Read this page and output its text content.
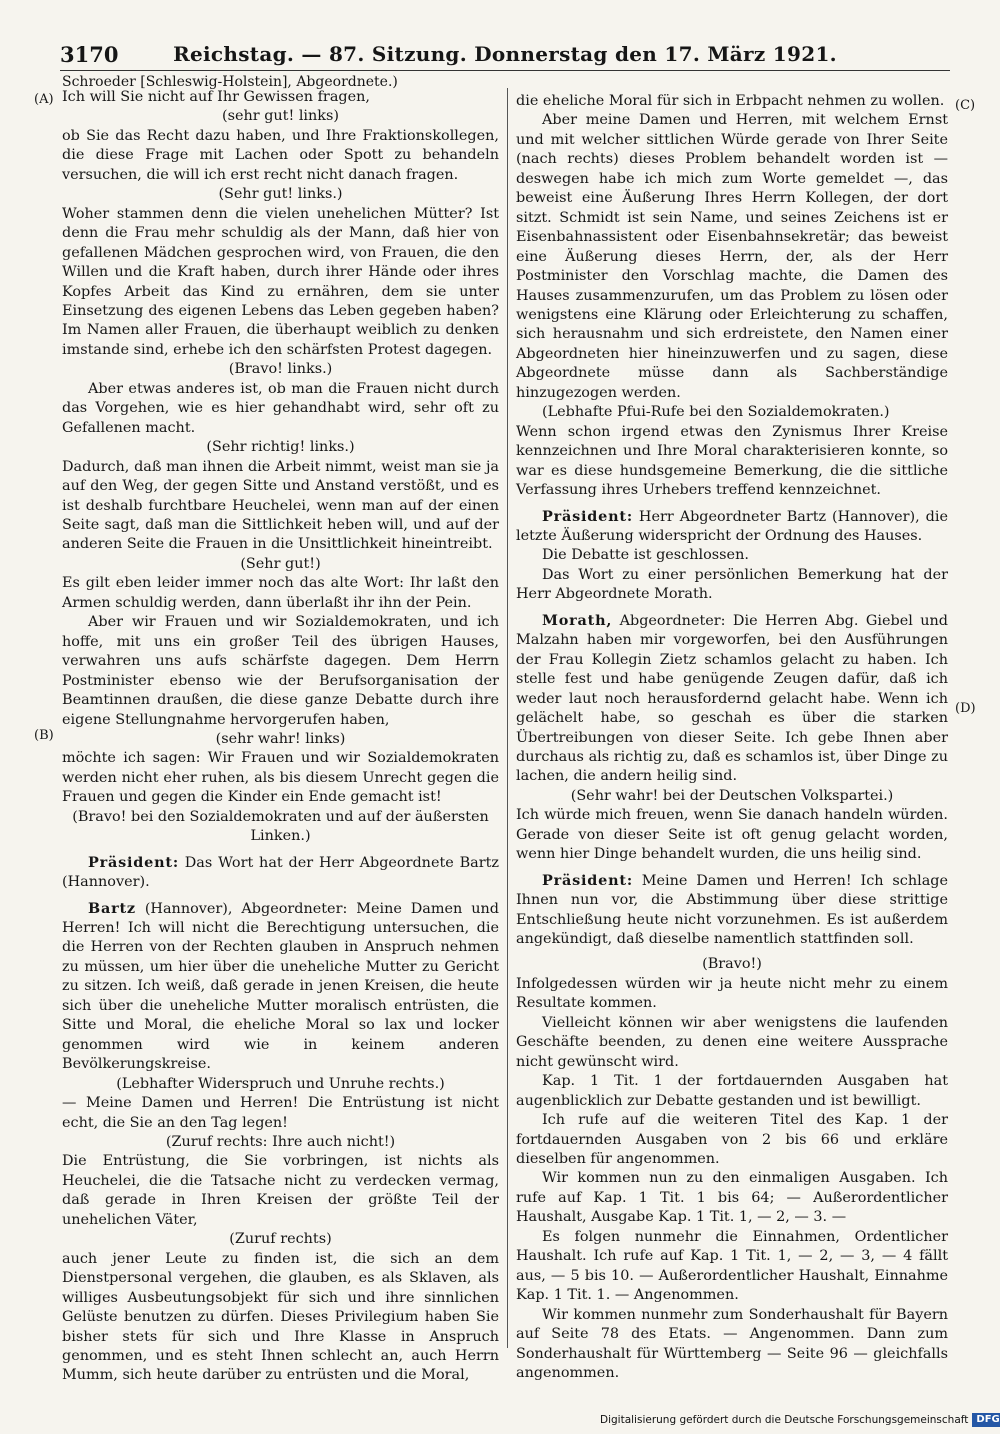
3170	Reichstag. — 87. Sitzung. Donnerstag den 17. März 1921.
Schroeder [Schleswig-Holstein], Abgeordnete.)
(A)
(B)
(C)
(D)

Ich will Sie nicht auf Ihr Gewissen fragen,

(sehr gut! links)

ob Sie das Recht dazu haben, und Ihre Fraktionskollegen, die diese Frage mit Lachen oder Spott zu behandeln versuchen, die will ich erst recht nicht danach fragen.

(Sehr gut! links.)

Woher stammen denn die vielen unehelichen Mütter? Ist denn die Frau mehr schuldig als der Mann, daß hier von gefallenen Mädchen gesprochen wird, von Frauen, die den Willen und die Kraft haben, durch ihrer Hände oder ihres Kopfes Arbeit das Kind zu ernähren, dem sie unter Einsetzung des eigenen Lebens das Leben gegeben haben? Im Namen aller Frauen, die überhaupt weiblich zu denken imstande sind, erhebe ich den schärfsten Protest dagegen.

(Bravo! links.)

Aber etwas anderes ist, ob man die Frauen nicht durch das Vorgehen, wie es hier gehandhabt wird, sehr oft zu Gefallenen macht.

(Sehr richtig! links.)

Dadurch, daß man ihnen die Arbeit nimmt, weist man sie ja auf den Weg, der gegen Sitte und Anstand verstößt, und es ist deshalb furchtbare Heuchelei, wenn man auf der einen Seite sagt, daß man die Sittlichkeit heben will, und auf der anderen Seite die Frauen in die Unsittlichkeit hineintreibt.

(Sehr gut!)

Es gilt eben leider immer noch das alte Wort: Ihr laßt den Armen schuldig werden, dann überlaßt ihr ihn der Pein.

Aber wir Frauen und wir Sozialdemokraten, und ich hoffe, mit uns ein großer Teil des übrigen Hauses, verwahren uns aufs schärfste dagegen. Dem Herrn Postminister ebenso wie der Berufsorganisation der Beamtinnen draußen, die diese ganze Debatte durch ihre eigene Stellungnahme hervorgerufen haben,

(sehr wahr! links)

möchte ich sagen: Wir Frauen und wir Sozialdemokraten werden nicht eher ruhen, als bis diesem Unrecht gegen die Frauen und gegen die Kinder ein Ende gemacht ist!

(Bravo! bei den Sozialdemokraten und auf der äußersten Linken.)

Präsident: Das Wort hat der Herr Abgeordnete Bartz (Hannover).

Bartz (Hannover), Abgeordneter: Meine Damen und Herren! Ich will nicht die Berechtigung untersuchen, die die Herren von der Rechten glauben in Anspruch nehmen zu müssen, um hier über die uneheliche Mutter zu Gericht zu sitzen. Ich weiß, daß gerade in jenen Kreisen, die heute sich über die uneheliche Mutter moralisch entrüsten, die Sitte und Moral, die eheliche Moral so lax und locker genommen wird wie in keinem anderen Bevölkerungskreise.

(Lebhafter Widerspruch und Unruhe rechts.)

— Meine Damen und Herren! Die Entrüstung ist nicht echt, die Sie an den Tag legen!

(Zuruf rechts: Ihre auch nicht!)

Die Entrüstung, die Sie vorbringen, ist nichts als Heuchelei, die die Tatsache nicht zu verdecken vermag, daß gerade in Ihren Kreisen der größte Teil der unehelichen Väter,

(Zuruf rechts)

auch jener Leute zu finden ist, die sich an dem Dienstpersonal vergehen, die glauben, es als Sklaven, als williges Ausbeutungsobjekt für sich und ihre sinnlichen Gelüste benutzen zu dürfen. Dieses Privilegium haben Sie bisher stets für sich und Ihre Klasse in Anspruch genommen, und es steht Ihnen schlecht an, auch Herrn Mumm, sich heute darüber zu entrüsten und die Moral,

die eheliche Moral für sich in Erbpacht nehmen zu wollen.

Aber meine Damen und Herren, mit welchem Ernst und mit welcher sittlichen Würde gerade von Ihrer Seite (nach rechts) dieses Problem behandelt worden ist — deswegen habe ich mich zum Worte gemeldet —, das beweist eine Äußerung Ihres Herrn Kollegen, der dort sitzt. Schmidt ist sein Name, und seines Zeichens ist er Eisenbahnassistent oder Eisenbahnsekretär; das beweist eine Äußerung dieses Herrn, der, als der Herr Postminister den Vorschlag machte, die Damen des Hauses zusammenzurufen, um das Problem zu lösen oder wenigstens eine Klärung oder Erleichterung zu schaffen, sich herausnahm und sich erdreistete, den Namen einer Abgeordneten hier hineinzuwerfen und zu sagen, diese Abgeordnete müsse dann als Sachberständige hinzugezogen werden.

(Lebhafte Pfui-Rufe bei den Sozialdemokraten.)

Wenn schon irgend etwas den Zynismus Ihrer Kreise kennzeichnen und Ihre Moral charakterisieren konnte, so war es diese hundsgemeine Bemerkung, die die sittliche Verfassung ihres Urhebers treffend kennzeichnet.

Präsident: Herr Abgeordneter Bartz (Hannover), die letzte Äußerung widerspricht der Ordnung des Hauses.

Die Debatte ist geschlossen.

Das Wort zu einer persönlichen Bemerkung hat der Herr Abgeordnete Morath.

Morath, Abgeordneter: Die Herren Abg. Giebel und Malzahn haben mir vorgeworfen, bei den Ausführungen der Frau Kollegin Zietz schamlos gelacht zu haben. Ich stelle fest und habe genügende Zeugen dafür, daß ich weder laut noch herausfordernd gelacht habe. Wenn ich gelächelt habe, so geschah es über die starken Übertreibungen von dieser Seite. Ich gebe Ihnen aber durchaus als richtig zu, daß es schamlos ist, über Dinge zu lachen, die andern heilig sind.

(Sehr wahr! bei der Deutschen Volkspartei.)

Ich würde mich freuen, wenn Sie danach handeln würden. Gerade von dieser Seite ist oft genug gelacht worden, wenn hier Dinge behandelt wurden, die uns heilig sind.

Präsident: Meine Damen und Herren! Ich schlage Ihnen nun vor, die Abstimmung über diese strittige Entschließung heute nicht vorzunehmen. Es ist außerdem angekündigt, daß dieselbe namentlich stattfinden soll.

(Bravo!)

Infolgedessen würden wir ja heute nicht mehr zu einem Resultate kommen.

Vielleicht können wir aber wenigstens die laufenden Geschäfte beenden, zu denen eine weitere Aussprache nicht gewünscht wird.

Kap. 1 Tit. 1 der fortdauernden Ausgaben hat augenblicklich zur Debatte gestanden und ist bewilligt.

Ich rufe auf die weiteren Titel des Kap. 1 der fortdauernden Ausgaben von 2 bis 66 und erkläre dieselben für angenommen.

Wir kommen nun zu den einmaligen Ausgaben. Ich rufe auf Kap. 1 Tit. 1 bis 64; — Außerordentlicher Haushalt, Ausgabe Kap. 1 Tit. 1, — 2, — 3. —

Es folgen nunmehr die Einnahmen, Ordentlicher Haushalt. Ich rufe auf Kap. 1 Tit. 1, — 2, — 3, — 4 fällt aus, — 5 bis 10. — Außerordentlicher Haushalt, Einnahme Kap. 1 Tit. 1. — Angenommen.

Wir kommen nunmehr zum Sonderhaushalt für Bayern auf Seite 78 des Etats. — Angenommen. Dann zum Sonderhaushalt für Württemberg — Seite 96 — gleichfalls angenommen.

Digitalisierung gefördert durch die Deutsche Forschungsgemeinschaft DFG
